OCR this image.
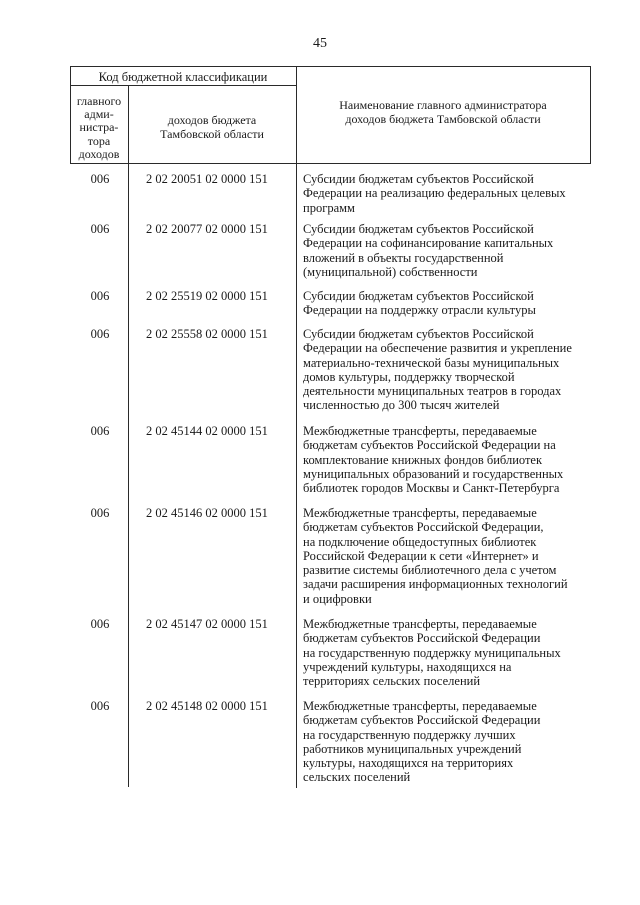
45
Код бюджетной классификации
главного
адми-
нистра-
тора
доходов
доходов бюджета
Тамбовской области
Наименование главного администратора
доходов бюджета Тамбовской области
006	2 02 20051 02 0000 151	Субсидии бюджетам субъектов Российской
Федерации на реализацию федеральных целевых
программ
006	2 02 20077 02 0000 151	Субсидии бюджетам субъектов Российской
Федерации на софинансирование капитальных
вложений в объекты государственной
(муниципальной) собственности
006	2 02 25519 02 0000 151	Субсидии бюджетам субъектов Российской
Федерации на поддержку отрасли культуры
006	2 02 25558 02 0000 151	Субсидии бюджетам субъектов Российской
Федерации на обеспечение развития и укрепление
материально-технической базы муниципальных
домов культуры, поддержку творческой
деятельности муниципальных театров в городах
численностью до 300 тысяч жителей
006	2 02 45144 02 0000 151	Межбюджетные трансферты, передаваемые
бюджетам субъектов Российской Федерации на
комплектование книжных фондов библиотек
муниципальных образований и государственных
библиотек городов Москвы и Санкт-Петербурга
006	2 02 45146 02 0000 151	Межбюджетные трансферты, передаваемые
бюджетам субъектов Российской Федерации,
на подключение общедоступных библиотек
Российской Федерации к сети «Интернет» и
развитие системы библиотечного дела с учетом
задачи расширения информационных технологий
и оцифровки
006	2 02 45147 02 0000 151	Межбюджетные трансферты, передаваемые
бюджетам субъектов Российской Федерации
на государственную поддержку муниципальных
учреждений культуры, находящихся на
территориях сельских поселений
006	2 02 45148 02 0000 151	Межбюджетные трансферты, передаваемые
бюджетам субъектов Российской Федерации
на государственную поддержку лучших
работников муниципальных учреждений
культуры, находящихся на территориях
сельских поселений
